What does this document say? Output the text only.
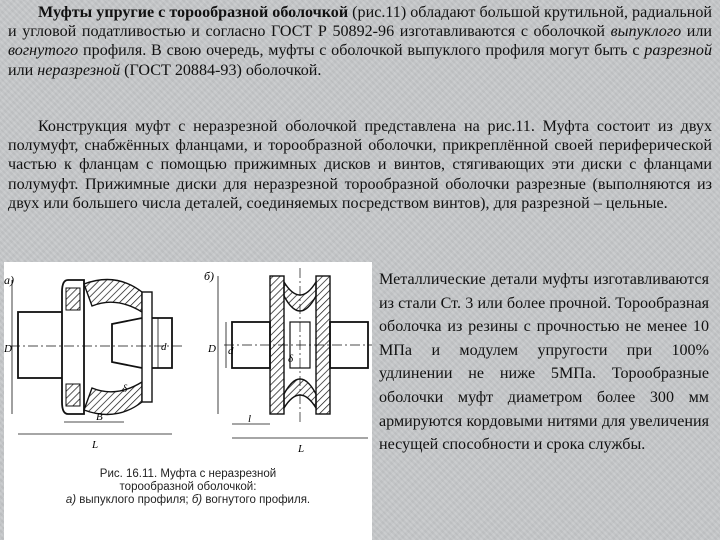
Муфты упругие с торообразной оболочкой (рис.11) обладают большой крутильной, радиальной и угловой податливостью и согласно ГОСТ Р 50892-96 изготавливаются с оболочкой выпуклого или вогнутого профиля. В свою очередь, муфты с оболочкой выпуклого профиля могут быть с разрезной или неразрезной (ГОСТ 20884-93) оболочкой.

Конструкция муфт с неразрезной оболочкой представлена на рис.11. Муфта состоит из двух полумуфт, снабжённых фланцами, и торообразной оболочки, прикреплённой своей периферической частью к фланцам с помощью прижимных дисков и винтов, стягивающих эти диски с фланцами полумуфт. Прижимные диски для неразрезной торообразной оболочки разрезные (выполняются из двух или большего числа деталей, соединяемых посредством винтов), для разрезной – цельные.

Металлические детали муфты изготавливаются из стали Ст. 3 или более прочной. Торообразная оболочка из резины с прочностью не менее 10 МПа и модулем упругости при 100% удлинении не ниже 5МПа. Торообразные оболочки муфт диаметром более 300 мм армируются кордовыми нитями для увеличения несущей способности и срока службы.

а)
D	d
L
B
δ
б)
D d
L
l
δ
Рис. 16.11. Муфта с неразрезной
торообразной оболочкой:
а) выпуклого профиля; б) вогнутого профиля.
